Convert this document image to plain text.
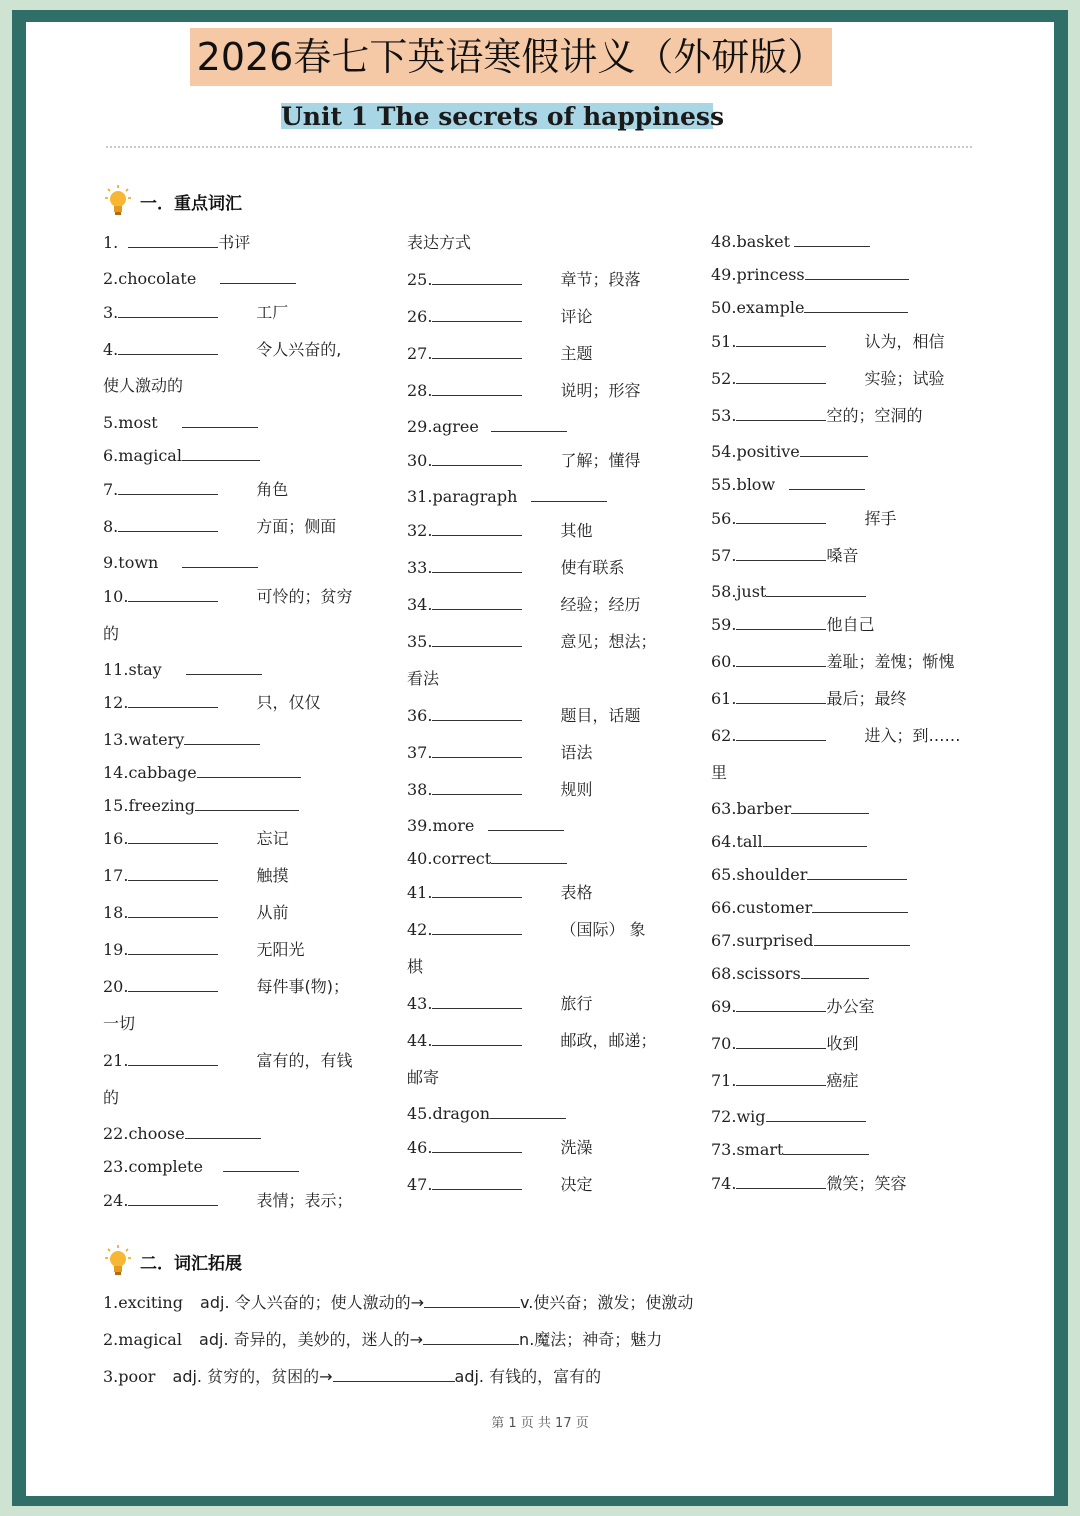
2026春七下英语寒假讲义（外研版）
Unit 1 The secrets of happiness
一．重点词汇
1.	书评
2.chocolate
3.	工厂
4.	令人兴奋的,
使人激动的
5.most
6.magical
7.	角色
8.	方面；侧面
9.town
10.	可怜的；贫穷
的
11.stay
12.	只，仅仅
13.watery
14.cabbage
15.freezing
16.	忘记
17.	触摸
18.	从前
19.	无阳光
20.	每件事(物)；
一切
21.	富有的，有钱
的
22.choose
23.complete
24.	表情；表示；
表达方式
25.	章节；段落
26.	评论
27.	主题
28.	说明；形容
29.agree
30.	了解；懂得
31.paragraph
32.	其他
33.	使有联系
34.	经验；经历
35.	意见；想法；
看法
36.	题目，话题
37.	语法
38.	规则
39.more
40.correct
41.	表格
42.	（国际） 象
棋
43.	旅行
44.	邮政，邮递；
邮寄
45.dragon
46.	洗澡
47.	决定
48.basket
49.princess
50.example
51.	认为，相信
52.	实验；试验
53.	空的；空洞的
54.positive
55.blow
56.	挥手
57.	嗓音
58.just
59.	他自己
60.	羞耻；羞愧；惭愧
61.	最后；最终
62.	进入；到……
里
63.barber
64.tall
65.shoulder
66.customer
67.surprised
68.scissors
69.	办公室
70.	收到
71.	癌症
72.wig
73.smart
74.	微笑；笑容
二．词汇拓展
1.exciting adj. 令人兴奋的；使人激动的→	v.使兴奋；激发；使激动
2.magical adj. 奇异的，美妙的，迷人的→	n.魔法；神奇；魅力
3.poor adj. 贫穷的，贫困的→	adj. 有钱的，富有的
第 1 页 共 17 页
